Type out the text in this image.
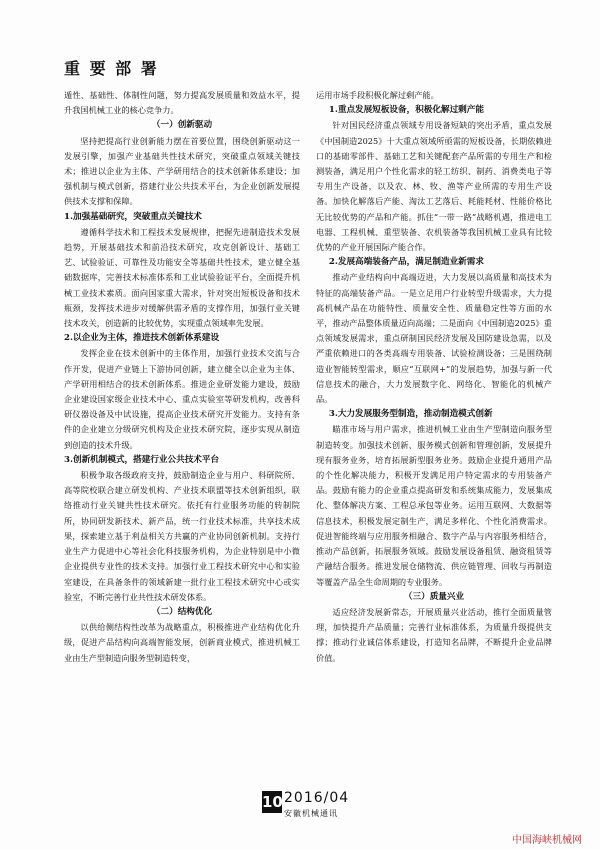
重 要 部 署

遁性、基础性、体制性问题，努力提高发展质量和效益水平，提升我国机械工业的核心竞争力。

（一）创新驱动

坚持把提高行业创新能力摆在首要位置，围绕创新驱动这一发展引擎，加强产业基础共性技术研究，突破重点领域关键技术；推进以企业为主体、产学研用结合的技术创新体系建设；加强机制与模式创新，搭建行业公共技术平台，为企业创新发展提供技术支撑和保障。

1.加强基础研究，突破重点关键技术

遵循科学技术和工程技术发展规律，把握先进制造技术发展趋势，开展基础技术和前沿技术研究，攻克创新设计、基础工艺、试验验证、可靠性及功能安全等基础共性技术，建立健全基础数据库，完善技术标准体系和工业试验验证平台，全面提升机械工业技术素质。面向国家重大需求，针对突出短板设备和技术瓶颈，发挥技术进步对缓解供需矛盾的支撑作用，加强行业关键技术攻关，创造新的比较优势，实现重点领域率先发展。

2.以企业为主体，推进技术创新体系建设

发挥企业在技术创新中的主体作用，加强行业技术交流与合作开发，促进产业链上下游协同创新，建立健全以企业为主体、产学研用相结合的技术创新体系。推进企业研发能力建设，鼓励企业建设国家级企业技术中心、重点实验室等研发机构，改善科研仪器设备及中试设施，提高企业技术研究开发能力。支持有条件的企业建立分级研究机构及企业技术研究院，逐步实现从制造到创造的技术升级。

3.创新机制模式，搭建行业公共技术平台

积极争取各级政府支持，鼓励制造企业与用户、科研院所、高等院校联合建立研发机构、产业技术联盟等技术创新组织，联络推动行业关键共性技术研究。依托有行业服务功能的转制院所，协同研发新技术、新产品，统一行业技术标准，共享技术成果，探索建立基于利益相关方共赢的产业协同创新机制。支持行业生产力促进中心等社会化科技服务机构，为企业特别是中小微企业提供专业性的技术支持。加强行业工程技术研究中心和实验室建设，在具备条件的领域新建一批行业工程技术研究中心或实验室，不断完善行业共性技术研发体系。

（二）结构优化

以供给侧结构性改革为战略重点，积极推进产业结构优化升级，促进产品结构向高端智能发展，创新商业模式，推进机械工业由生产型制造向服务型制造转变，

运用市场手段积极化解过剩产能。

1.重点发展短板设备，积极化解过剩产能

针对国民经济重点领域专用设备短缺的突出矛盾，重点发展《中国制造2025》十大重点领域所亟需的短板设备，长期依赖进口的基础零部件、基础工艺和关键配套产品所需的专用生产和检测装备，满足用户个性化需求的轻工纺织、制药、消费类电子等专用生产设备，以及农、林、牧、渔等产业所需的专用生产设备。加快化解落后产能、淘汰工艺落后、耗能耗材、性能价格比无比较优势的产品和产能。抓住“一带一路”战略机遇，推进电工电器、工程机械、重型装备、农机装备等我国机械工业具有比较优势的产业开展国际产能合作。

2.发展高端装备产品，满足制造业新需求

推动产业结构向中高端迈进，大力发展以高质量和高技术为特征的高端装备产品。一是立足用户行业转型升级需求，大力提高机械产品在功能特性、质量安全性、质量稳定性等方面的水平，推动产品整体质量迈向高端；二是面向《中国制造2025》重点领域发展需求，重点研制国民经济发展及国防建设急需，以及严重依赖进口的各类高端专用装备、试验检测设备；三是围绕制造业智能转型需求，顺应“互联网+”的发展趋势，加强与新一代信息技术的融合，大力发展数字化、网络化、智能化的机械产品。

3.大力发展服务型制造，推动制造模式创新

瞄准市场与用户需求，推进机械工业由生产型制造向服务型制造转变。加强技术创新、服务模式创新和管理创新，发展提升现有服务业务，培育拓展新型服务业务。鼓励企业提升通用产品的个性化解决能力，积极开发满足用户特定需求的专用装备产品。鼓励有能力的企业重点提高研发和系统集成能力，发展集成化、整体解决方案、工程总承包等业务。运用互联网、大数据等信息技术，积极发展定制生产，满足多样化、个性化消费需求。促进智能终端与应用服务相融合、数字产品与内容服务相结合，推动产品创新，拓展服务领域。鼓励发展设备租赁、融资租赁等产融结合服务。推进发展仓储物流、供应链管理、回收与再制造等覆盖产品全生命周期的专业服务。

（三）质量兴业

适应经济发展新常态，开展质量兴业活动，推行全面质量管理，加快提升产品质量；完善行业标准体系，为质量升级提供支撑；推动行业诚信体系建设，打造知名品牌，不断提升企业品牌价值。

10 2016/04
安徽机械通讯
中国海峡机械网
